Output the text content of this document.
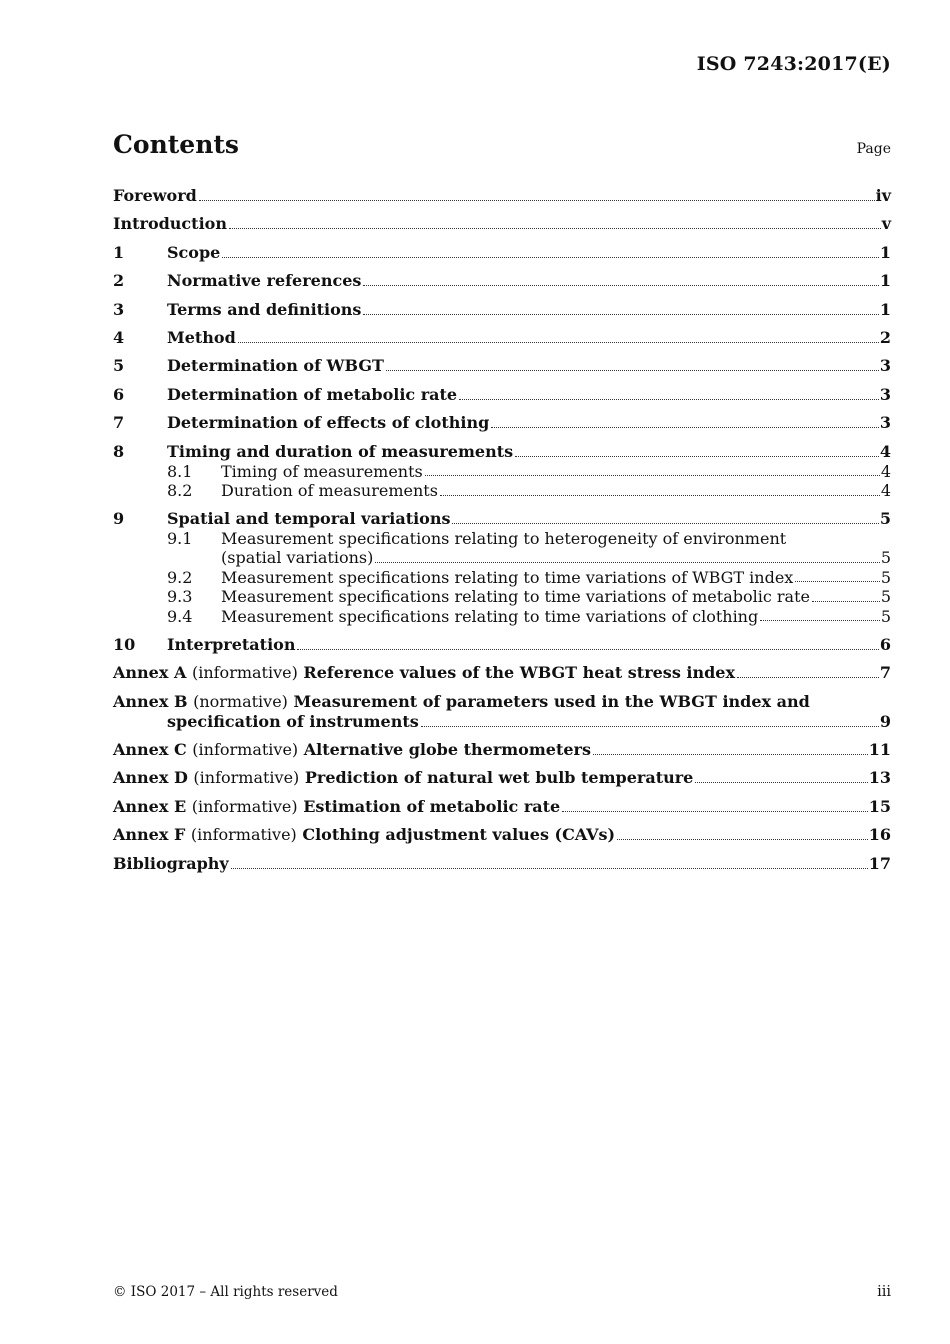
ISO 7243:2017(E)
Contents	Page
Foreword	iv
Introduction	v
1	Scope	1
2	Normative references	1
3	Terms and definitions	1
4	Method	2
5	Determination of WBGT	3
6	Determination of metabolic rate	3
7	Determination of effects of clothing	3
8	Timing and duration of measurements	4
8.1	Timing of measurements	4
8.2	Duration of measurements	4
9	Spatial and temporal variations	5
9.1	Measurement specifications relating to heterogeneity of environment
(spatial variations)	5
9.2	Measurement specifications relating to time variations of WBGT index	5
9.3	Measurement specifications relating to time variations of metabolic rate	5
9.4	Measurement specifications relating to time variations of clothing	5
10	Interpretation	6
Annex A (informative) Reference values of the WBGT heat stress index	7
Annex B (normative) Measurement of parameters used in the WBGT index and
specification of instruments	9
Annex C (informative) Alternative globe thermometers	11
Annex D (informative) Prediction of natural wet bulb temperature	13
Annex E (informative) Estimation of metabolic rate	15
Annex F (informative) Clothing adjustment values (CAVs)	16
Bibliography	17
© ISO 2017 – All rights reserved	iii
